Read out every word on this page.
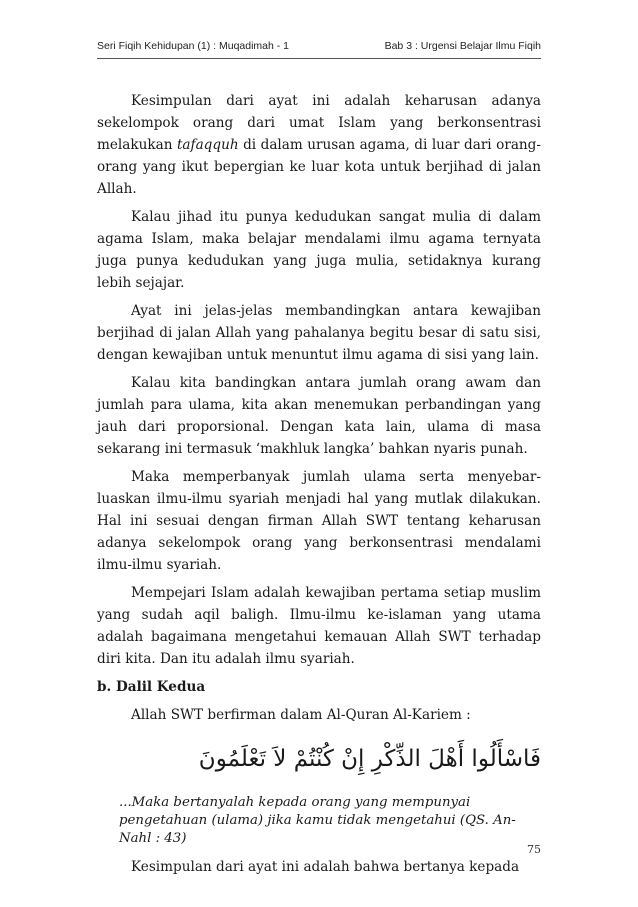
Seri Fiqih Kehidupan (1) : Muqadimah - 1	Bab 3 : Urgensi Belajar Ilmu Fiqih

Kesimpulan dari ayat ini adalah keharusan adanya sekelompok orang dari umat Islam yang berkonsentrasi melakukan tafaqquh di dalam urusan agama, di luar dari orang-orang yang ikut bepergian ke luar kota untuk berjihad di jalan Allah.

Kalau jihad itu punya kedudukan sangat mulia di dalam agama Islam, maka belajar mendalami ilmu agama ternyata juga punya kedudukan yang juga mulia, setidaknya kurang lebih sejajar.

Ayat ini jelas-jelas membandingkan antara kewajiban berjihad di jalan Allah yang pahalanya begitu besar di satu sisi, dengan kewajiban untuk menuntut ilmu agama di sisi yang lain.

Kalau kita bandingkan antara jumlah orang awam dan jumlah para ulama, kita akan menemukan perbandingan yang jauh dari proporsional. Dengan kata lain, ulama di masa sekarang ini termasuk ‘makhluk langka’ bahkan nyaris punah.

Maka memperbanyak jumlah ulama serta menyebar-luaskan ilmu-ilmu syariah menjadi hal yang mutlak dilakukan. Hal ini sesuai dengan firman Allah SWT tentang keharusan adanya sekelompok orang yang berkonsentrasi mendalami ilmu-ilmu syariah.

Mempejari Islam adalah kewajiban pertama setiap muslim yang sudah aqil baligh. Ilmu-ilmu ke-islaman yang utama adalah bagaimana mengetahui kemauan Allah SWT terhadap diri kita. Dan itu adalah ilmu syariah.

b. Dalil Kedua

Allah SWT berfirman dalam Al-Quran Al-Kariem :

فَاسْأَلُوا أَهْلَ الذِّكْرِ إِنْ كُنْتُمْ لاَ تَعْلَمُونَ

...Maka bertanyalah kepada orang yang mempunyai pengetahuan (ulama) jika kamu tidak mengetahui (QS. An-Nahl : 43)

Kesimpulan dari ayat ini adalah bahwa bertanya kepada

75
